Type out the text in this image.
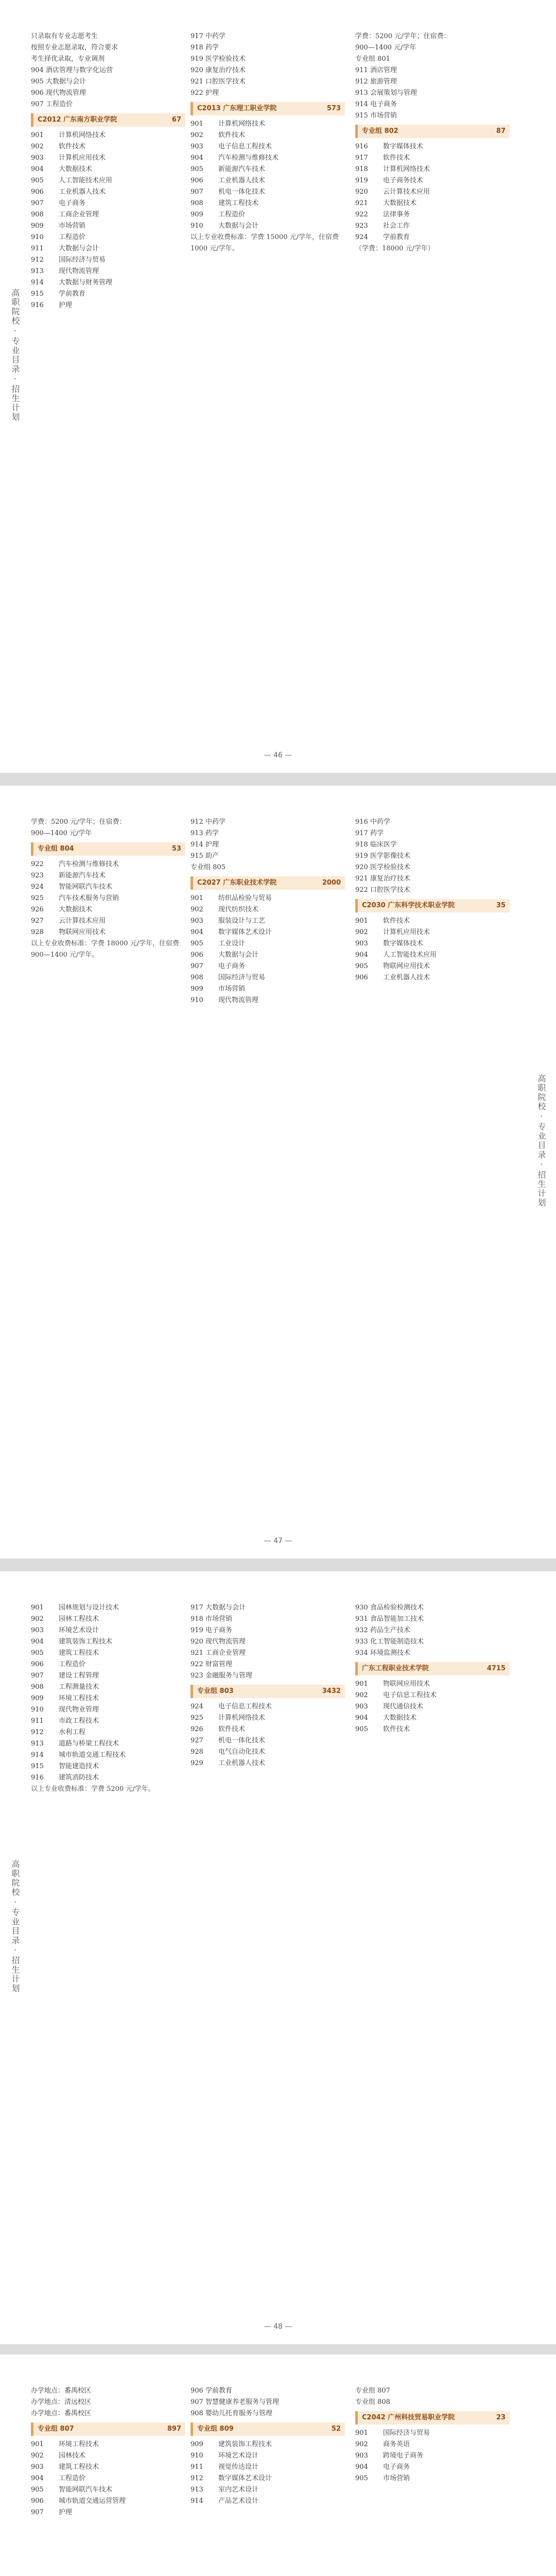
高职院校 · 专业目录 · 招生计划
只录取有专业志愿考生
按照专业志愿录取，符合要求
考生择优录取，专业调剂
904 酒店管理与数字化运营
905 大数据与会计
906 现代物流管理
907 工程造价
C2012 广东南方职业学院	67
901	计算机网络技术
902	软件技术
903	计算机应用技术
904	大数据技术
905	人工智能技术应用
906	工业机器人技术
907	电子商务
908	工商企业管理
909	市场营销
910	工程造价
911	大数据与会计
912	国际经济与贸易
913	现代物流管理
914	大数据与财务管理
915	学前教育
916	护理
917 中药学
918 药学
919 医学检验技术
920 康复治疗技术
921 口腔医学技术
922 护理
C2013 广东理工职业学院	573
901	计算机网络技术
902	软件技术
903	电子信息工程技术
904	汽车检测与维修技术
905	新能源汽车技术
906	工业机器人技术
907	机电一体化技术
908	建筑工程技术
909	工程造价
910	大数据与会计
以上专业收费标准：学费 15000 元/学年，住宿费 1000 元/学年。
学费：5200 元/学年；住宿费：
900—1400 元/学年
专业组 801
911 酒店管理
912 旅游管理
913 会展策划与管理
914 电子商务
915 市场营销
专业组 802	87
916	数字媒体技术
917	软件技术
918	计算机网络技术
919	电子商务技术
920	云计算技术应用
921	大数据技术
922	法律事务
923	社会工作
924	学前教育
（学费：18000 元/学年）
— 46 —
高职院校 · 专业目录 · 招生计划
学费：5200 元/学年；住宿费：
900—1400 元/学年
专业组 804	53
922	汽车检测与维修技术
923	新能源汽车技术
924	智能网联汽车技术
925	汽车技术服务与营销
926	大数据技术
927	云计算技术应用
928	物联网应用技术
以上专业收费标准：学费 18000 元/学年，住宿费 900—1400 元/学年。
912 中药学
913 药学
914 护理
915 助产
专业组 805
C2027 广东职业技术学院	2000
901	纺织品检验与贸易
902	现代纺织技术
903	服装设计与工艺
904	数字媒体艺术设计
905	工业设计
906	大数据与会计
907	电子商务
908	国际经济与贸易
909	市场营销
910	现代物流管理
916 中药学
917 药学
918 临床医学
919 医学影像技术
920 医学检验技术
921 康复治疗技术
922 口腔医学技术
C2030 广东科学技术职业学院	35
901	软件技术
902	计算机应用技术
903	数字媒体技术
904	人工智能技术应用
905	物联网应用技术
906	工业机器人技术
— 47 —
高职院校 · 专业目录 · 招生计划
901	园林规划与设计技术
902	园林工程技术
903	环境艺术设计
904	建筑装饰工程技术
905	建筑工程技术
906	工程造价
907	建设工程管理
908	工程测量技术
909	环境工程技术
910	现代物业管理
911	市政工程技术
912	水利工程
913	道路与桥梁工程技术
914	城市轨道交通工程技术
915	智能建造技术
916	建筑消防技术
以上专业收费标准：学费 5200 元/学年。
917 大数据与会计
918 市场营销
919 电子商务
920 现代物流管理
921 工商企业管理
922 财富管理
923 金融服务与管理
专业组 803	3432
924	电子信息工程技术
925	计算机网络技术
926	软件技术
927	机电一体化技术
928	电气自动化技术
929	工业机器人技术
930 食品检验检测技术
931 食品智能加工技术
932 药品生产技术
933 化工智能制造技术
934 环境监测技术
广东工程职业技术学院	4715
901	物联网应用技术
902	电子信息工程技术
903	现代通信技术
904	大数据技术
905	软件技术
— 48 —
办学地点：番禺校区
办学地点：清远校区
办学地点：番禺校区
专业组 807	897
901	环境工程技术
902	园林技术
903	建筑工程技术
904	工程造价
905	智能网联汽车技术
906	城市轨道交通运营管理
907	护理
906 学前教育
907 智慧健康养老服务与管理
908 婴幼儿托育服务与管理
专业组 809	52
909	建筑装饰工程技术
910	环境艺术设计
911	视觉传达设计
912	数字媒体艺术设计
913	室内艺术设计
914	产品艺术设计
专业组 807
专业组 808
C2042 广州科技贸易职业学院	23
901	国际经济与贸易
902	商务英语
903	跨境电子商务
904	电子商务
905	市场营销
